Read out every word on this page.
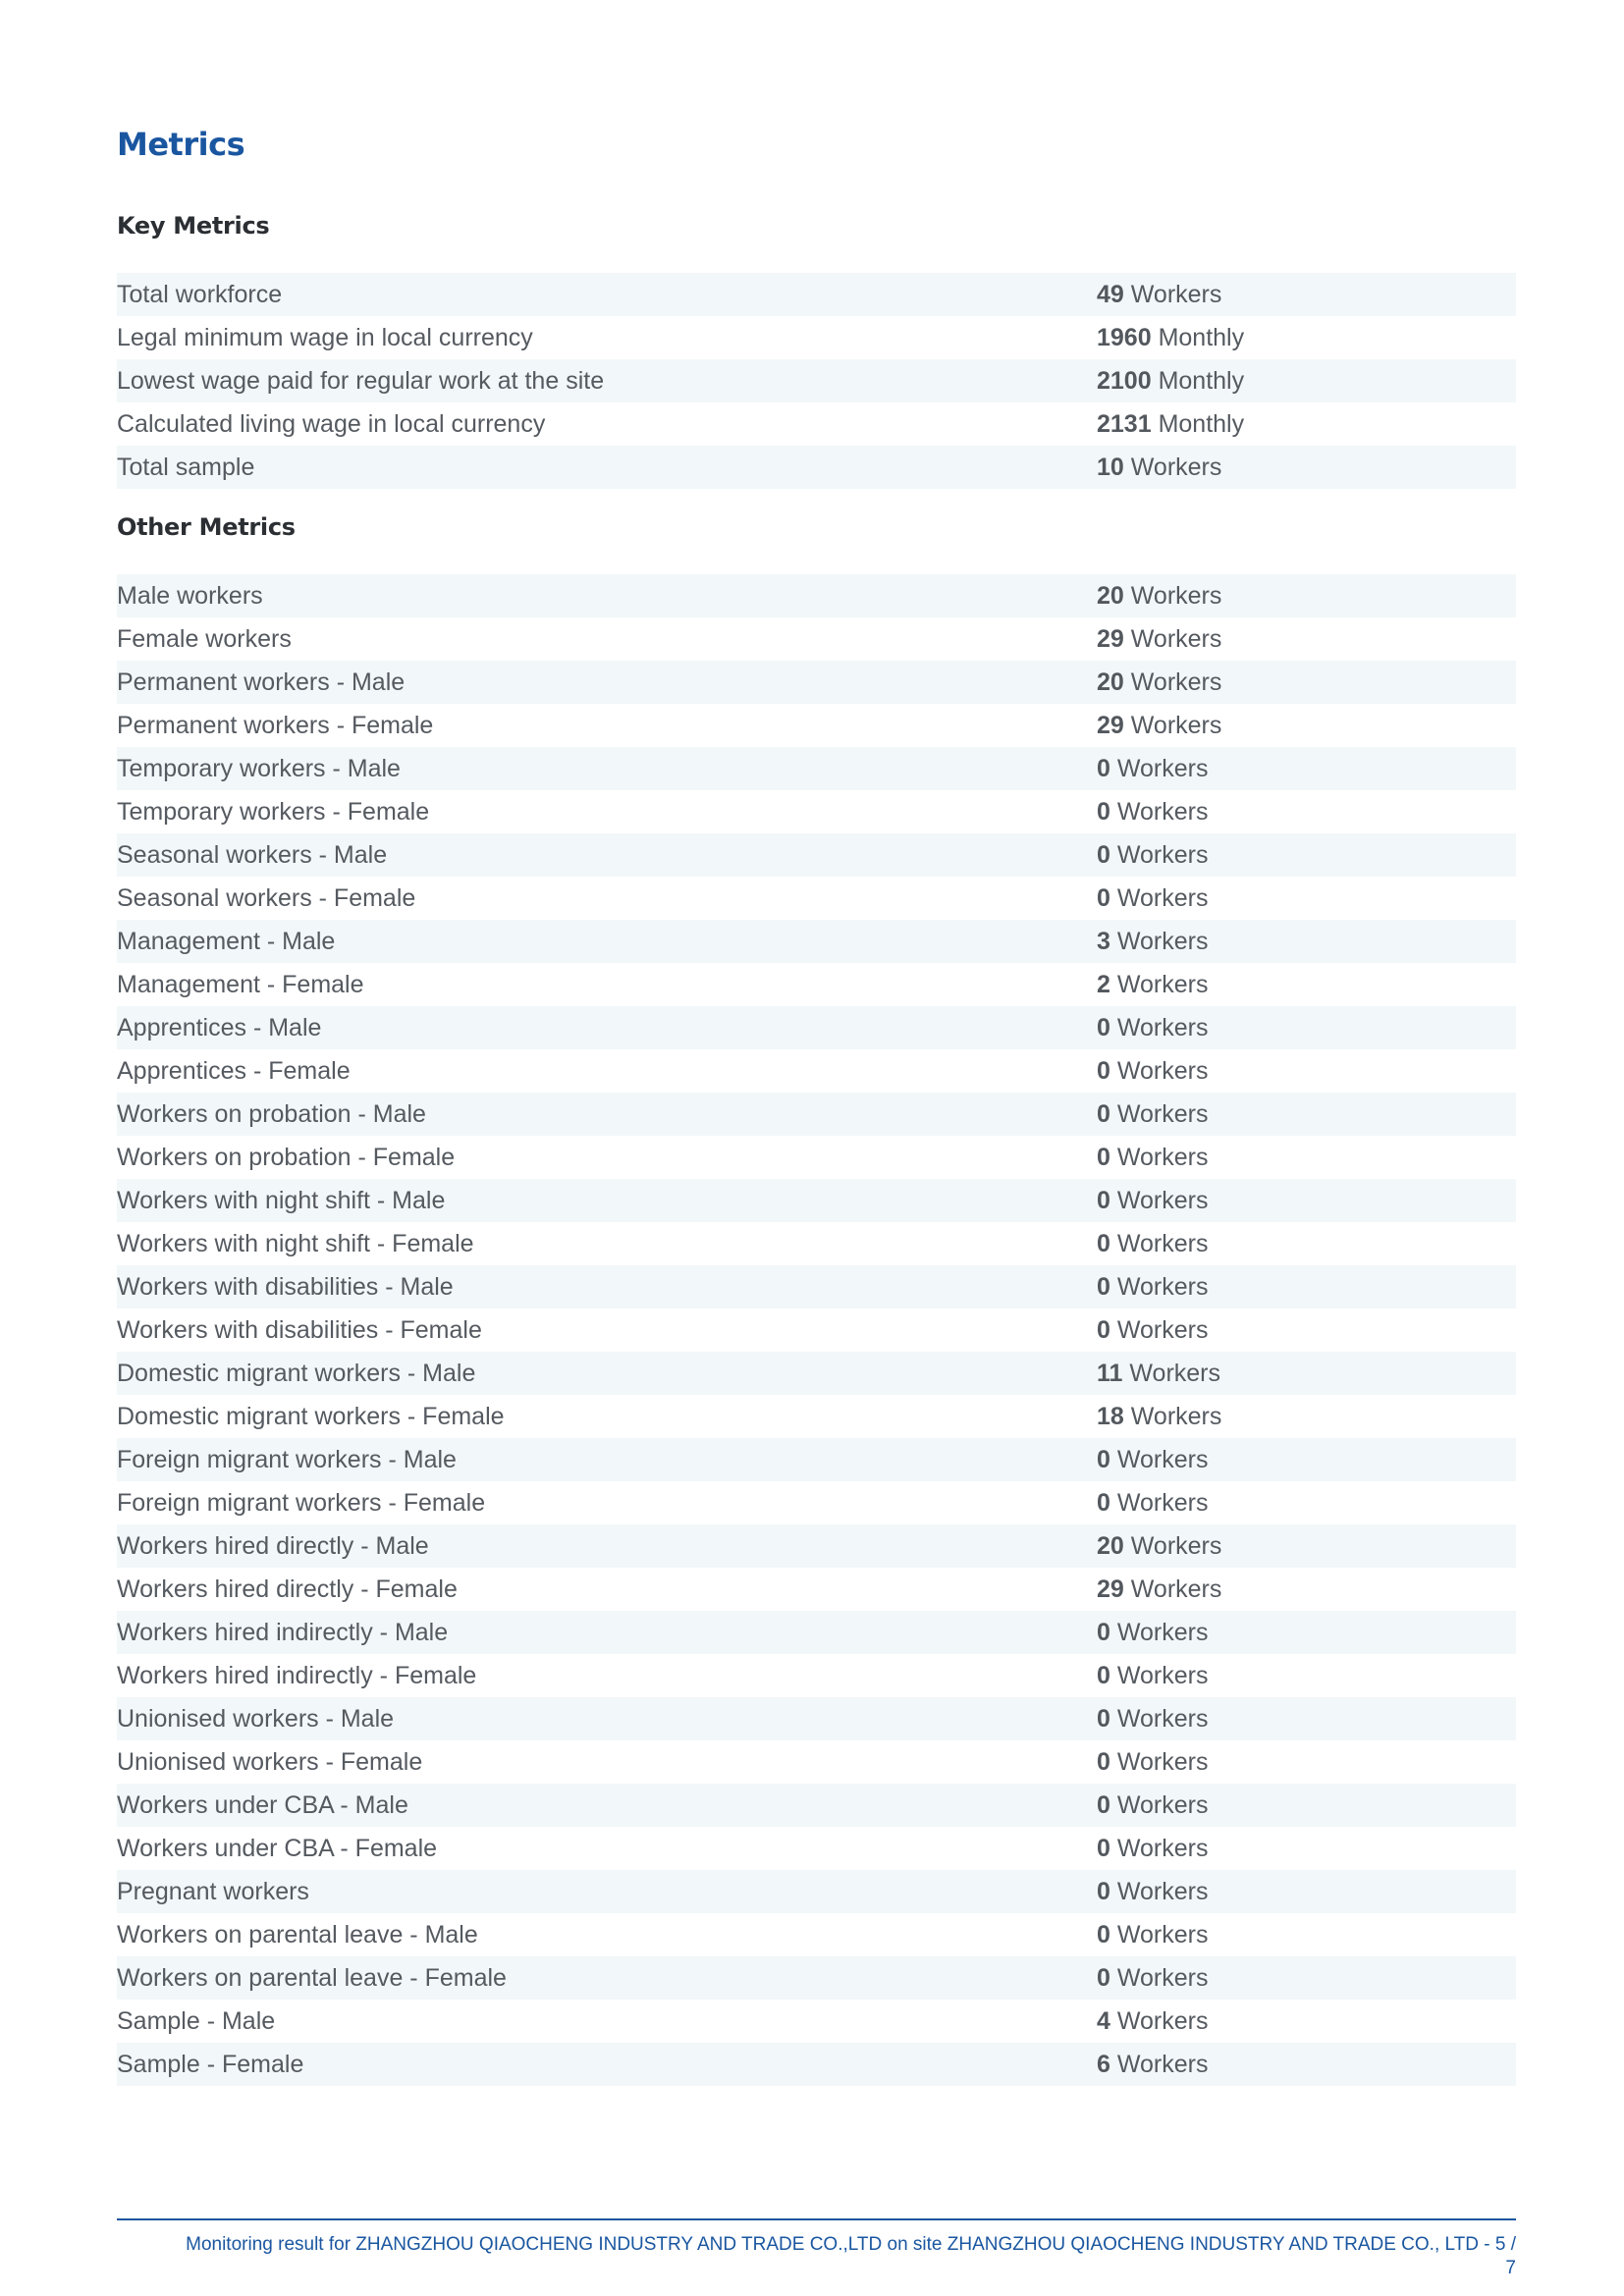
Metrics
Key Metrics
Total workforce	49 Workers
Legal minimum wage in local currency	1960 Monthly
Lowest wage paid for regular work at the site	2100 Monthly
Calculated living wage in local currency	2131 Monthly
Total sample	10 Workers
Other Metrics
Male workers	20 Workers
Female workers	29 Workers
Permanent workers - Male	20 Workers
Permanent workers - Female	29 Workers
Temporary workers - Male	0 Workers
Temporary workers - Female	0 Workers
Seasonal workers - Male	0 Workers
Seasonal workers - Female	0 Workers
Management - Male	3 Workers
Management - Female	2 Workers
Apprentices - Male	0 Workers
Apprentices - Female	0 Workers
Workers on probation - Male	0 Workers
Workers on probation - Female	0 Workers
Workers with night shift - Male	0 Workers
Workers with night shift - Female	0 Workers
Workers with disabilities - Male	0 Workers
Workers with disabilities - Female	0 Workers
Domestic migrant workers - Male	11 Workers
Domestic migrant workers - Female	18 Workers
Foreign migrant workers - Male	0 Workers
Foreign migrant workers - Female	0 Workers
Workers hired directly - Male	20 Workers
Workers hired directly - Female	29 Workers
Workers hired indirectly - Male	0 Workers
Workers hired indirectly - Female	0 Workers
Unionised workers - Male	0 Workers
Unionised workers - Female	0 Workers
Workers under CBA - Male	0 Workers
Workers under CBA - Female	0 Workers
Pregnant workers	0 Workers
Workers on parental leave - Male	0 Workers
Workers on parental leave - Female	0 Workers
Sample - Male	4 Workers
Sample - Female	6 Workers
Monitoring result for ZHANGZHOU QIAOCHENG INDUSTRY AND TRADE CO.,LTD on site ZHANGZHOU QIAOCHENG INDUSTRY AND TRADE CO., LTD - 5 /
7
